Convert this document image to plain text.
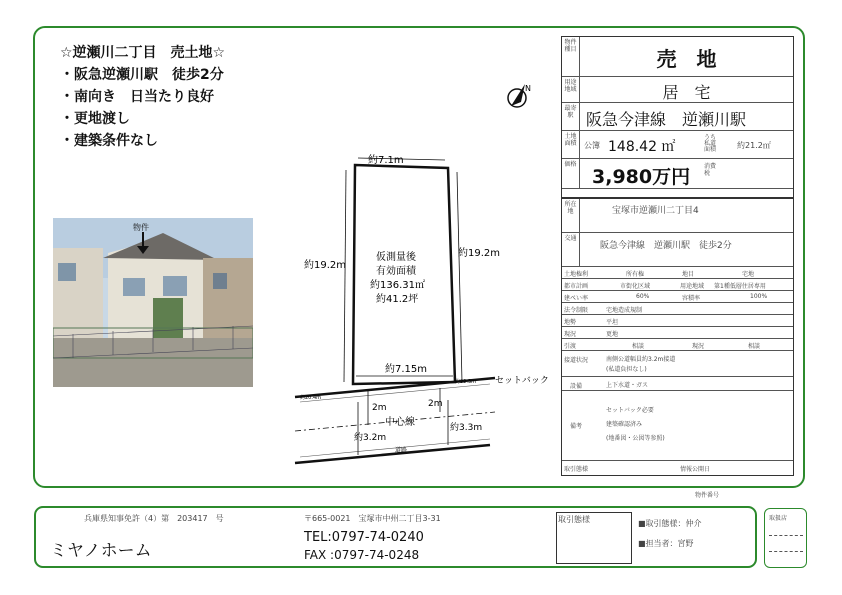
☆逆瀬川二丁目　売土地☆
・阪急逆瀬川駅　徒歩2分
・南向き　日当たり良好
・更地渡し
・建築条件なし
N
物件
約7.1m
約19.2m
約19.2m
仮測量後
有効面積
約136.31㎡
約41.2坪
約7.15m
セットバック
約20.4m
約22.3m
2m	2m
中心線
約3.2m
約3.3m
道路
物件種目	売　地
用途地域	居　宅
最寄駅 阪急今津線　逆瀬川駅
土地面積 公簿 148.42 ㎡
うち私道面積	約21.2㎡
価格
3,980万円 消費税
所在地	宝塚市逆瀬川二丁目4
交通
阪急今津線　逆瀬川駅　徒歩2分
土地権利	所有権	地目	宅地
都市計画	市街化区域	用途地域 第1種低層住居専用
建ぺい率	60%	容積率	100%
法令制限	宅地造成規制
地勢	平坦
現況	更地
引渡	相談	現況	相談
接道状況	南側公道幅員約3.2m接道
(私道負担なし)
設備	上下水道・ガス
備考
セットバック必要
建築確認済み
(地番図・公図等参照)
取引態様	情報公開日
物件番号
兵庫県知事免許（4）第　203417　号
ミヤノホーム
〒665-0021　宝塚市中州二丁目3-31
TEL:0797-74-0240
FAX :0797-74-0248
取引態様	■取引態様：仲介
■担当者：宮野
取扱店
